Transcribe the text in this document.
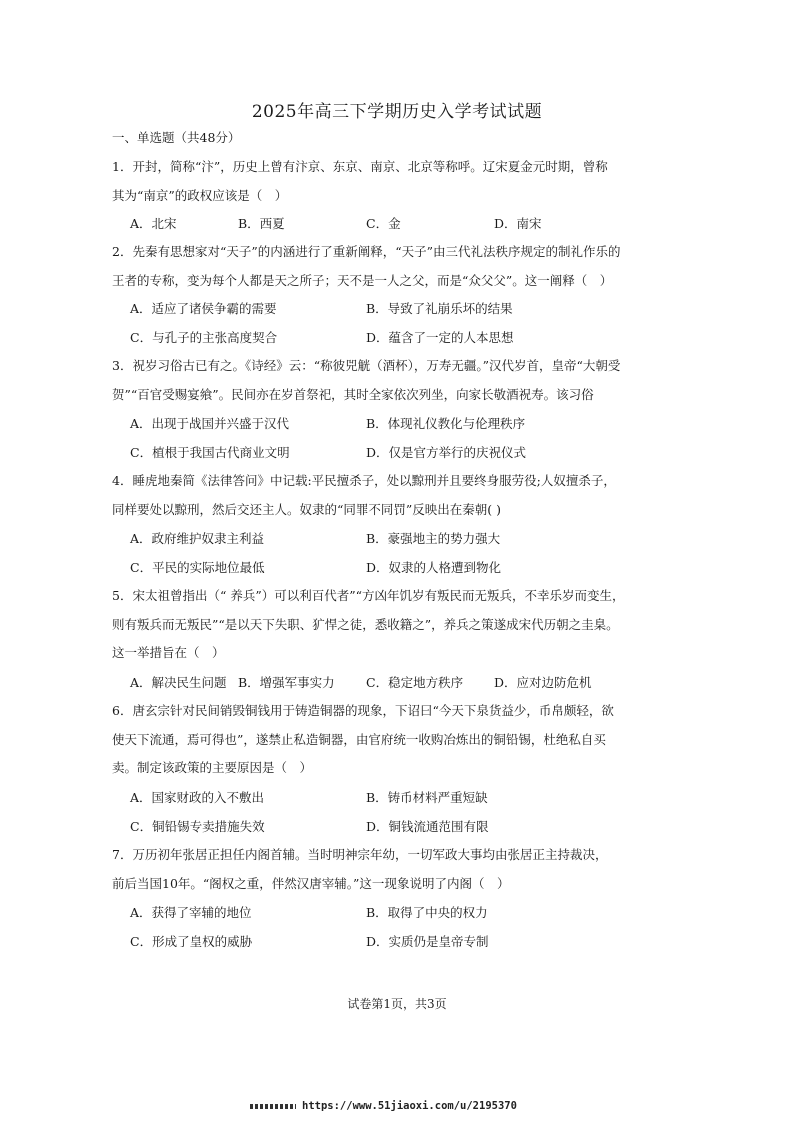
2025年高三下学期历史入学考试试题
一、单选题（共48分）
1．开封，简称“汴”，历史上曾有汴京、东京、南京、北京等称呼。辽宋夏金元时期，曾称
其为“南京”的政权应该是（　）
A．北宋	B．西夏	C．金	D．南宋
2．先秦有思想家对“天子”的内涵进行了重新阐释，“天子”由三代礼法秩序规定的制礼作乐的
王者的专称，变为每个人都是天之所子；天不是一人之父，而是“众父父”。这一阐释（　）
A．适应了诸侯争霸的需要	B．导致了礼崩乐坏的结果
C．与孔子的主张高度契合	D．蕴含了一定的人本思想
3．祝岁习俗古已有之。《诗经》云：“称彼兕觥（酒杯），万寿无疆。”汉代岁首，皇帝“大朝受
贺”“百官受赐宴飨”。民间亦在岁首祭祀，其时全家依次列坐，向家长敬酒祝寿。该习俗
A．出现于战国并兴盛于汉代	B．体现礼仪教化与伦理秩序
C．植根于我国古代商业文明	D．仅是官方举行的庆祝仪式
4．睡虎地秦简《法律答问》中记载:平民擅杀子，处以黥刑并且要终身服劳役;人奴擅杀子，
同样要处以黥刑，然后交还主人。奴隶的“同罪不同罚”反映出在秦朝( )
A．政府维护奴隶主利益	B．豪强地主的势力强大
C．平民的实际地位最低	D．奴隶的人格遭到物化
5．宋太祖曾指出（“ 养兵”）可以利百代者”“方凶年饥岁有叛民而无叛兵，不幸乐岁而变生，
则有叛兵而无叛民”“是以天下失职、犷悍之徒，悉收籍之”，养兵之策遂成宋代历朝之圭臬。
这一举措旨在（　）
A．解决民生问题 B．增强军事实力	C．稳定地方秩序 D．应对边防危机
6．唐玄宗针对民间销毁铜钱用于铸造铜器的现象，下诏曰“今天下泉货益少，币帛颇轻，欲
使天下流通，焉可得也”，遂禁止私造铜器，由官府统一收购冶炼出的铜铅锡，杜绝私自买
卖。制定该政策的主要原因是（　）
A．国家财政的入不敷出	B．铸币材料严重短缺
C．铜铅锡专卖措施失效	D．铜钱流通范围有限
7．万历初年张居正担任内阁首辅。当时明神宗年幼，一切军政大事均由张居正主持裁决，
前后当国10年。“阁权之重，伴然汉唐宰辅。”这一现象说明了内阁（　）
A．获得了宰辅的地位	B．取得了中央的权力
C．形成了皇权的威胁	D．实质仍是皇帝专制
试卷第1页，共3页
https://www.51jiaoxi.com/u/2195370
